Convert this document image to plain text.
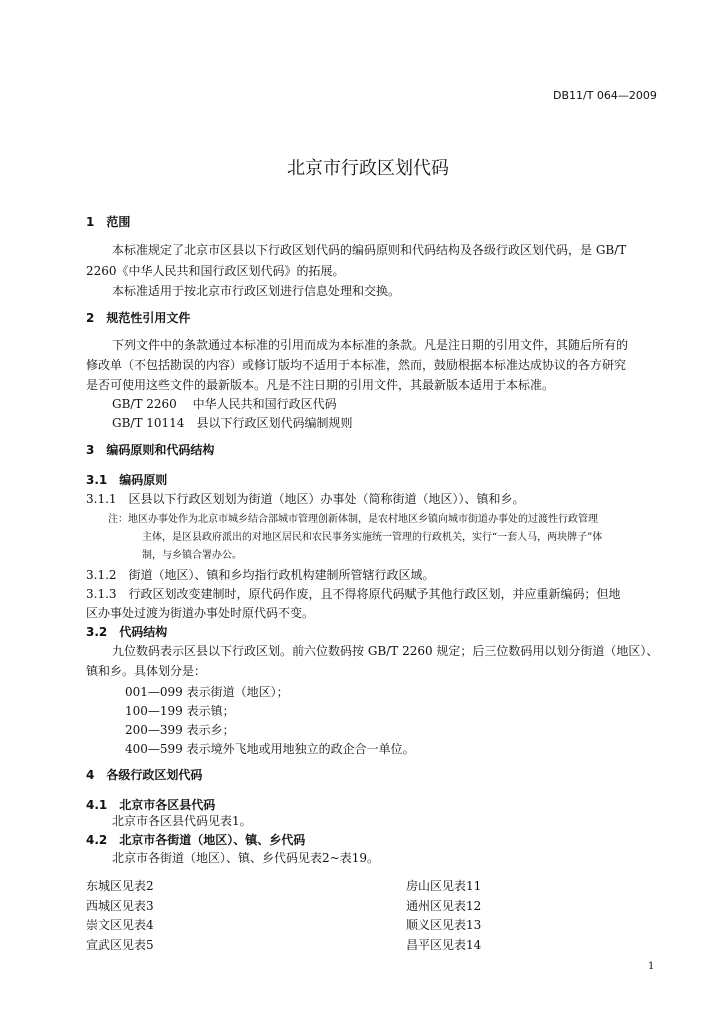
DB11/T 064—2009
北京市行政区划代码
1　范围
本标准规定了北京市区县以下行政区划代码的编码原则和代码结构及各级行政区划代码，是 GB/T
2260《中华人民共和国行政区划代码》的拓展。
本标准适用于按北京市行政区划进行信息处理和交换。
2　规范性引用文件
下列文件中的条款通过本标准的引用而成为本标准的条款。凡是注日期的引用文件，其随后所有的
修改单（不包括勘误的内容）或修订版均不适用于本标准，然而，鼓励根据本标准达成协议的各方研究
是否可使用这些文件的最新版本。凡是不注日期的引用文件，其最新版本适用于本标准。
GB/T 2260　 中华人民共和国行政区代码
GB/T 10114　县以下行政区划代码编制规则
3　编码原则和代码结构
3.1　编码原则
3.1.1　区县以下行政区划划为街道（地区）办事处（简称街道（地区））、镇和乡。
注：地区办事处作为北京市城乡结合部城市管理创新体制，是农村地区乡镇向城市街道办事处的过渡性行政管理
主体，是区县政府派出的对地区居民和农民事务实施统一管理的行政机关，实行“一套人马，两块牌子”体
制，与乡镇合署办公。
3.1.2　街道（地区）、镇和乡均指行政机构建制所管辖行政区域。
3.1.3　行政区划改变建制时，原代码作废，且不得将原代码赋予其他行政区划，并应重新编码；但地
区办事处过渡为街道办事处时原代码不变。
3.2　代码结构
九位数码表示区县以下行政区划。前六位数码按 GB/T 2260 规定；后三位数码用以划分街道（地区）、
镇和乡。具体划分是：
001—099 表示街道（地区）；
100—199 表示镇；
200—399 表示乡；
400—599 表示境外飞地或用地独立的政企合一单位。
4　各级行政区划代码
4.1　北京市各区县代码
北京市各区县代码见表1。
4.2　北京市各街道（地区）、镇、乡代码
北京市各街道（地区）、镇、乡代码见表2~表19。
东城区见表2
西城区见表3
崇文区见表4
宣武区见表5
房山区见表11
通州区见表12
顺义区见表13
昌平区见表14
1
